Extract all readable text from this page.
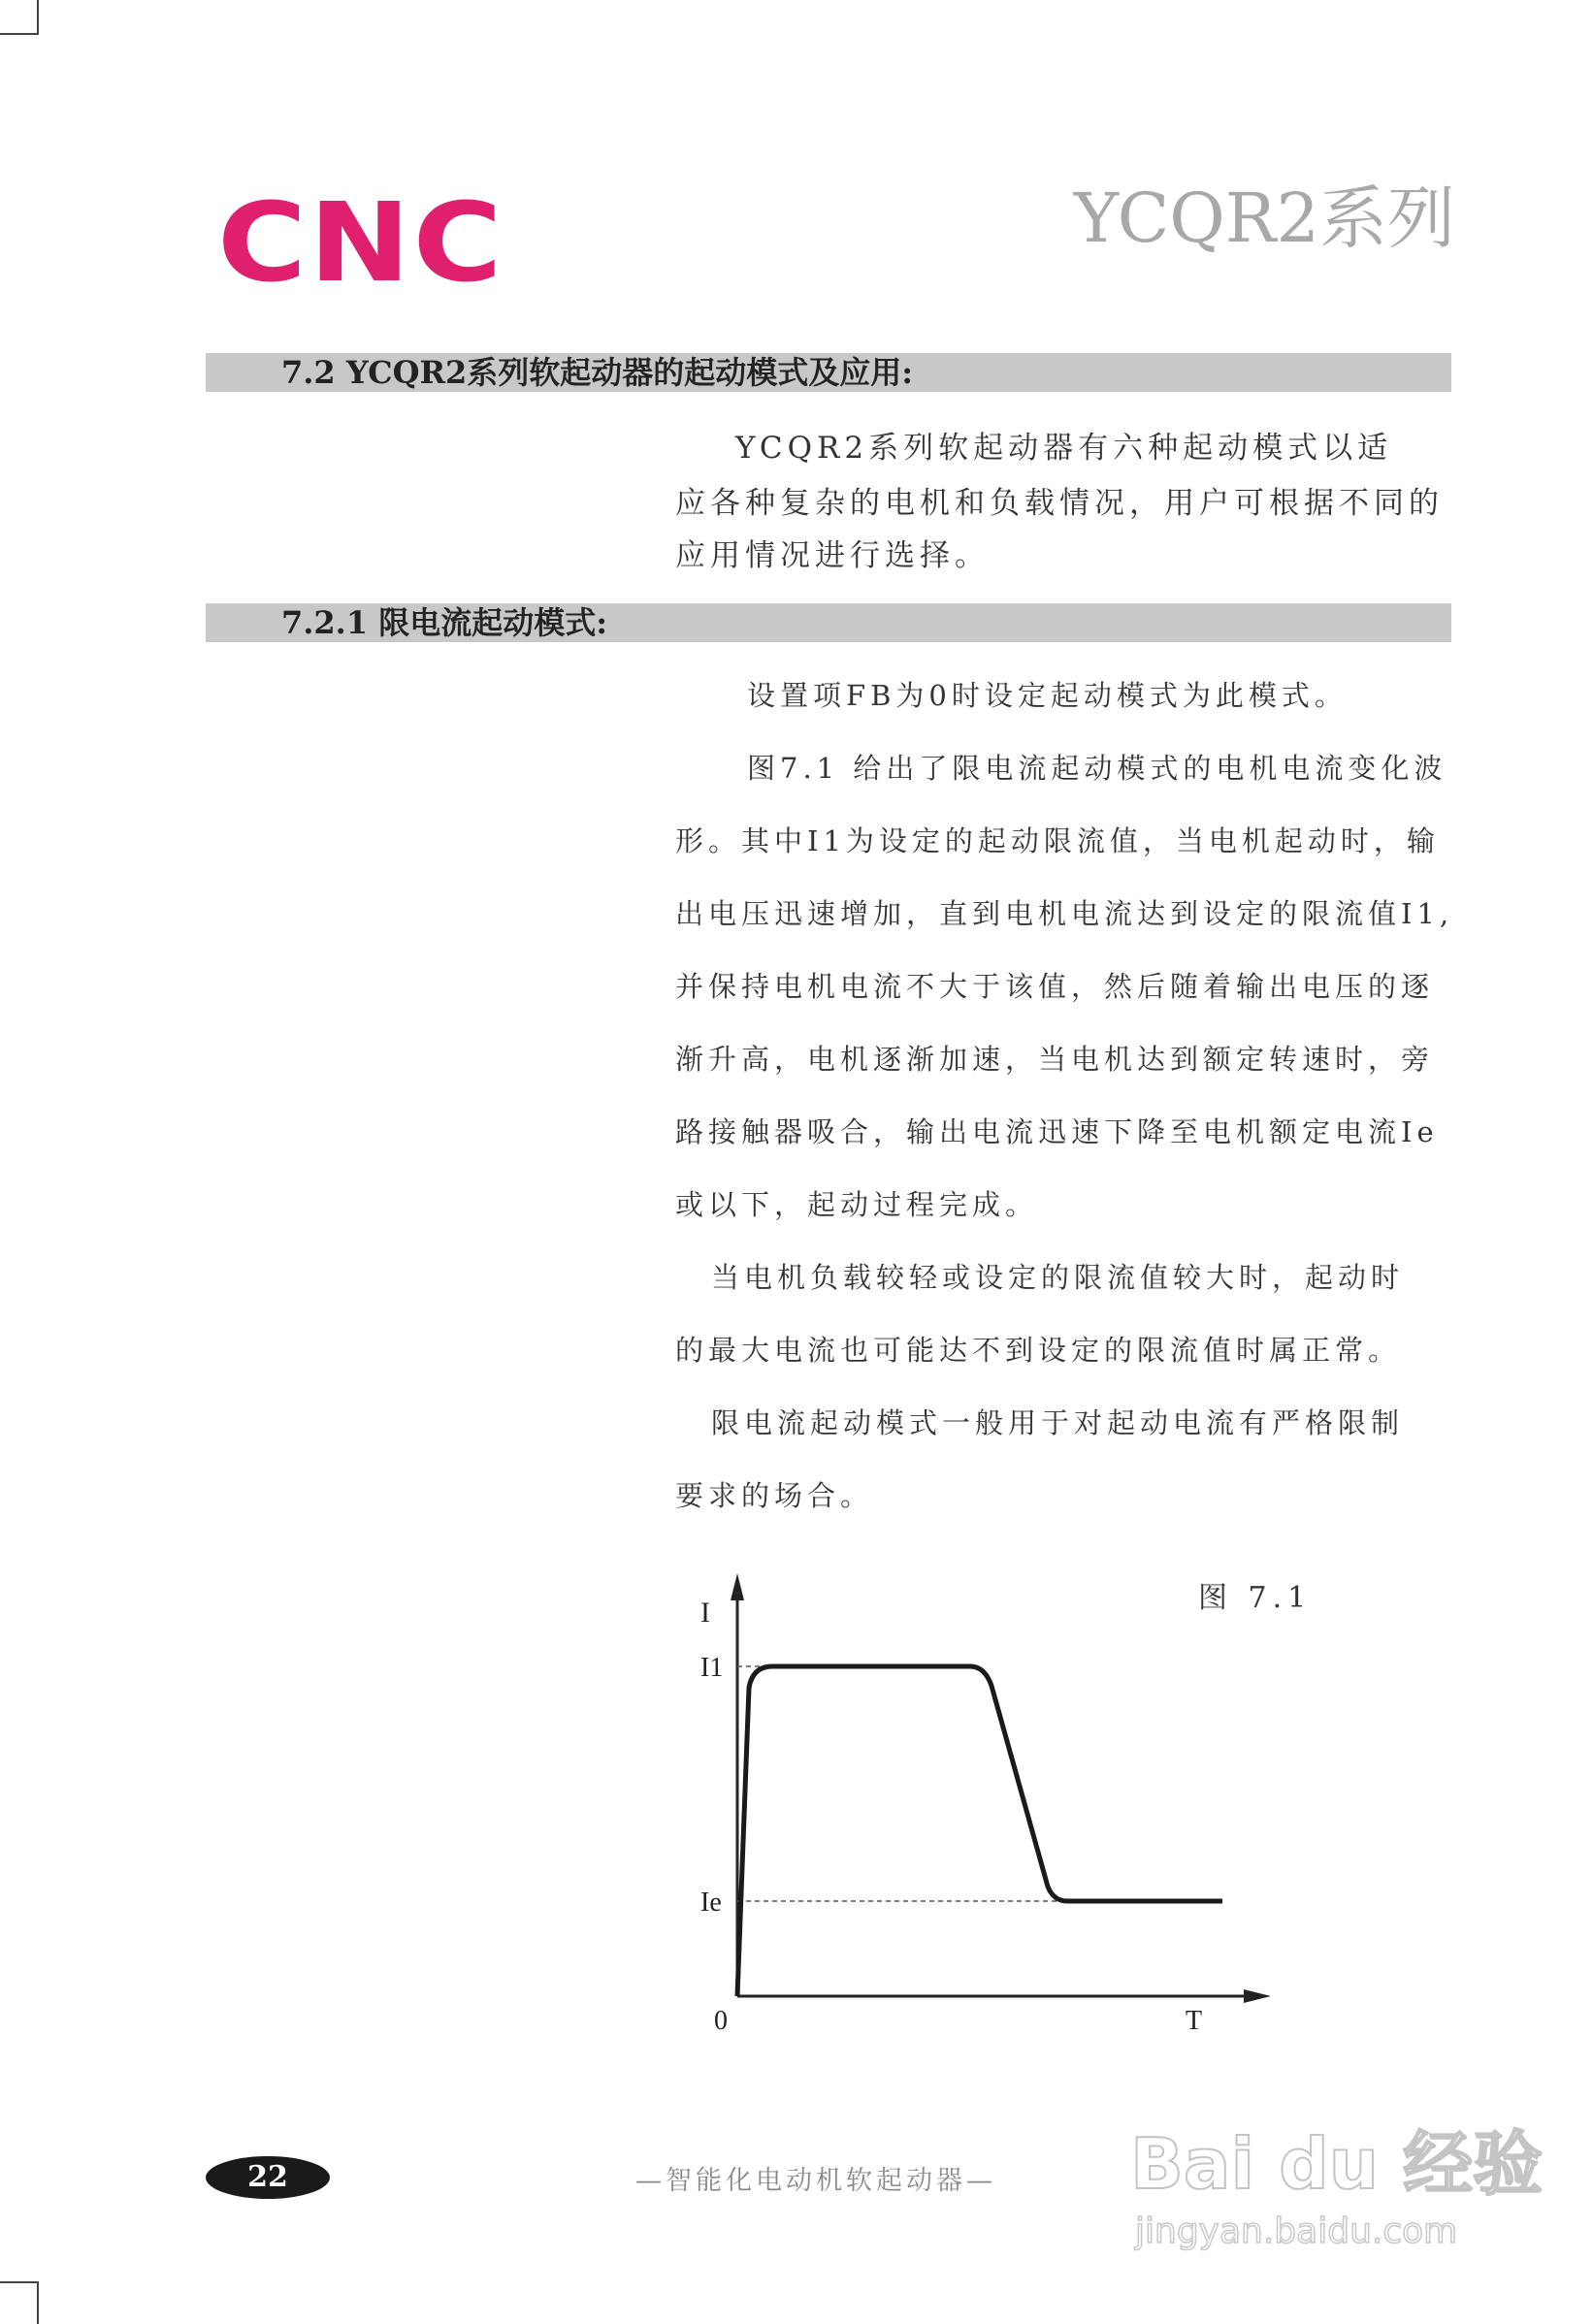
CNC	YCQR2系列
7.2 YCQR2系列软起动器的起动模式及应用:

YCQR2系列软起动器有六种起动模式以适

应各种复杂的电机和负载情况，用户可根据不同的

应用情况进行选择。

7.2.1 限电流起动模式:

设置项FB为0时设定起动模式为此模式。

图7.1 给出了限电流起动模式的电机电流变化波

形。其中I1为设定的起动限流值，当电机起动时，输

出电压迅速增加，直到电机电流达到设定的限流值I1,

并保持电机电流不大于该值，然后随着输出电压的逐

渐升高，电机逐渐加速，当电机达到额定转速时，旁

路接触器吸合，输出电流迅速下降至电机额定电流Ie

或以下，起动过程完成。

当电机负载较轻或设定的限流值较大时，起动时

的最大电流也可能达不到设定的限流值时属正常。

限电流起动模式一般用于对起动电流有严格限制

要求的场合。

图 7.1
I
I1
Ie
0	T
22	—智能化电动机软起动器— Bai du 经验
jingyan.baidu.com
